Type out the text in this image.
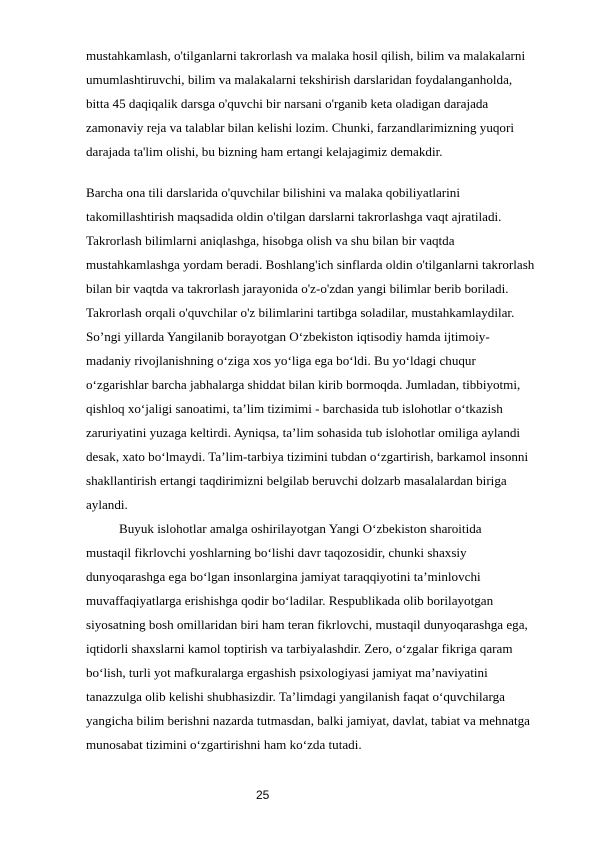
mustahkamlash, o'tilganlarni takrorlash va malaka hosil qilish, bilim va malakalarni
umumlashtiruvchi, bilim va malakalarni tekshirish darslaridan foydalanganholda,
bitta 45 daqiqalik darsga o'quvchi bir narsani o'rganib keta oladigan darajada
zamonaviy reja va talablar bilan kelishi lozim. Chunki, farzandlarimizning yuqori
darajada ta'lim olishi, bu bizning ham ertangi kelajagimiz demakdir.
Barcha ona tili darslarida o'quvchilar bilishini va malaka qobiliyatlarini
takomillashtirish maqsadida oldin o'tilgan darslarni takrorlashga vaqt ajratiladi.
Takrorlash bilimlarni aniqlashga, hisobga olish va shu bilan bir vaqtda
mustahkamlashga yordam beradi. Boshlang'ich sinflarda oldin o'tilganlarni takrorlash
bilan bir vaqtda va takrorlash jarayonida o'z-o'zdan yangi bilimlar berib boriladi.
Takrorlash orqali o'quvchilar o'z bilimlarini tartibga soladilar, mustahkamlaydilar.
So’ngi yillarda Yangilanib borayotgan O‘zbekiston iqtisodiy hamda ijtimoiy-
madaniy rivojlanishning o‘ziga xos yo‘liga ega bo‘ldi. Bu yo‘ldagi chuqur
o‘zgarishlar barcha jabhalarga shiddat bilan kirib bormoqda. Jumladan, tibbiyotmi,
qishloq xo‘jaligi sanoatimi, ta’lim tizimimi - barchasida tub islohotlar o‘tkazish
zaruriyatini yuzaga keltirdi. Ayniqsa, ta’lim sohasida tub islohotlar omiliga aylandi
desak, xato bo‘lmaydi. Ta’lim-tarbiya tizimini tubdan o‘zgartirish, barkamol insonni
shakllantirish ertangi taqdirimizni belgilab beruvchi dolzarb masalalardan biriga
aylandi.
Buyuk islohotlar amalga oshirilayotgan Yangi O‘zbekiston sharoitida
mustaqil fikrlovchi yoshlarning bo‘lishi davr taqozosidir, chunki shaxsiy
dunyoqarashga ega bo‘lgan insonlargina jamiyat taraqqiyotini ta’minlovchi
muvaffaqiyatlarga erishishga qodir bo‘ladilar. Respublikada olib borilayotgan
siyosatning bosh omillaridan biri ham teran fikrlovchi, mustaqil dunyoqarashga ega,
iqtidorli shaxslarni kamol toptirish va tarbiyalashdir. Zero, o‘zgalar fikriga qaram
bo‘lish, turli yot mafkuralarga ergashish psixologiyasi jamiyat ma’naviyatini
tanazzulga olib kelishi shubhasizdir. Ta’limdagi yangilanish faqat o‘quvchilarga
yangicha bilim berishni nazarda tutmasdan, balki jamiyat, davlat, tabiat va mehnatga
munosabat tizimini o‘zgartirishni ham ko‘zda tutadi.
25
